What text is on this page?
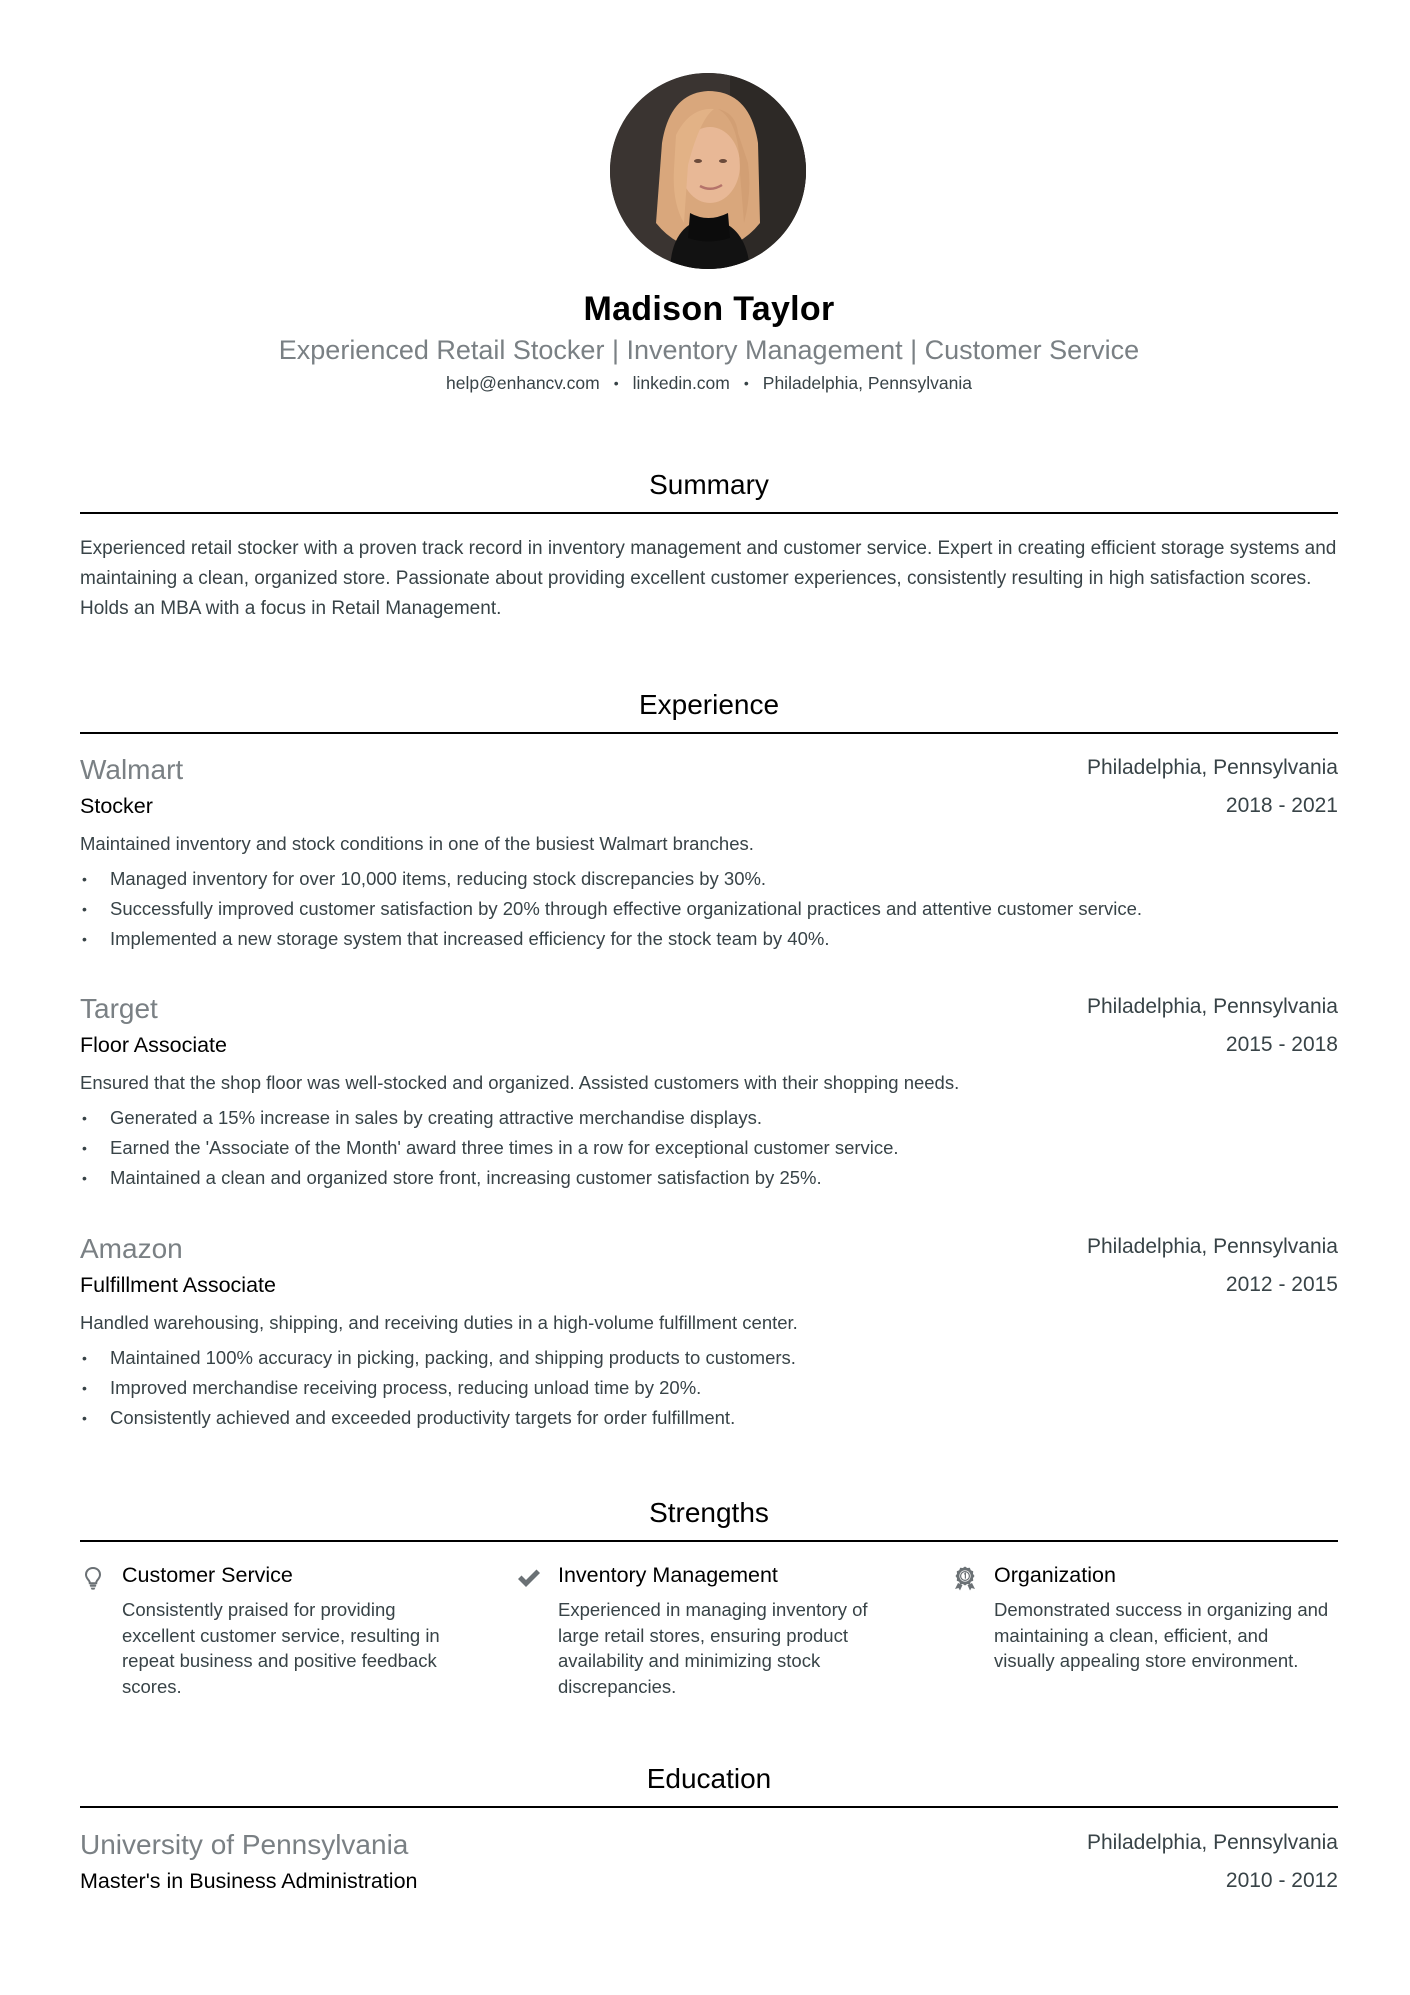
Madison Taylor
Experienced Retail Stocker | Inventory Management | Customer Service
help@enhancv.com • linkedin.com • Philadelphia, Pennsylvania
Summary
Experienced retail stocker with a proven track record in inventory management and customer service. Expert in creating efficient storage systems and maintaining a clean, organized store. Passionate about providing excellent customer experiences, consistently resulting in high satisfaction scores. Holds an MBA with a focus in Retail Management.
Experience
Walmart	Philadelphia, Pennsylvania
Stocker	2018 - 2021
Maintained inventory and stock conditions in one of the busiest Walmart branches.
• Managed inventory for over 10,000 items, reducing stock discrepancies by 30%.
• Successfully improved customer satisfaction by 20% through effective organizational practices and attentive customer service.
• Implemented a new storage system that increased efficiency for the stock team by 40%.
Target	Philadelphia, Pennsylvania
Floor Associate	2015 - 2018
Ensured that the shop floor was well-stocked and organized. Assisted customers with their shopping needs.
• Generated a 15% increase in sales by creating attractive merchandise displays.
• Earned the 'Associate of the Month' award three times in a row for exceptional customer service.
• Maintained a clean and organized store front, increasing customer satisfaction by 25%.
Amazon	Philadelphia, Pennsylvania
Fulfillment Associate	2012 - 2015
Handled warehousing, shipping, and receiving duties in a high-volume fulfillment center.
• Maintained 100% accuracy in picking, packing, and shipping products to customers.
• Improved merchandise receiving process, reducing unload time by 20%.
• Consistently achieved and exceeded productivity targets for order fulfillment.
Strengths
Customer Service
Consistently praised for providing excellent customer service, resulting in repeat business and positive feedback scores.
Inventory Management
Experienced in managing inventory of large retail stores, ensuring product availability and minimizing stock discrepancies.
Organization
Demonstrated success in organizing and maintaining a clean, efficient, and visually appealing store environment.
Education
University of Pennsylvania	Philadelphia, Pennsylvania
Master's in Business Administration	2010 - 2012
